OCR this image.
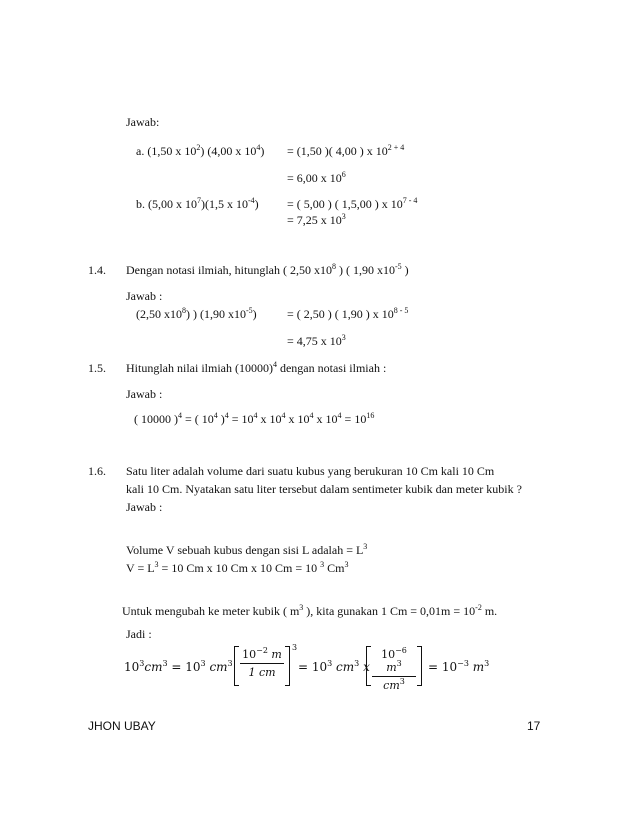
Jawab:
a. (1,50 x $10^2$) (4,00 x $10^4) = (1,50$ )( 4,00 ) x $10^{2 + 4}$
= 6,00 x $10^6$
b. (5,00 x $10^7)(1,5$ x $10^{-4}$) = ( 5,00 ) ( 1,5,00 ) x $10^{7 - 4}$
= 7,25 x $10^3$
1.4. Dengan notasi ilmiah, hitunglah ( 2,50 $x10^8$ ) ( 1,90 $x10^{-5}$ )
Jawab :
(2,50 $x10^8$) ) (1,90 $x10^{-5}$)	= ( 2,50 ) ( 1,90 ) x $10^{8 - 5}$
= 4,75 x $10^3$
1.5. Hitunglah nilai ilmiah $(10000)^4$ dengan notasi ilmiah :
Jawab :
( 10000 )$^4$ = ( $10^4$ )$^4 = 10^4$ x $10^4$ x $10^4$ x $10^4 = 10^{16}$
1.6. Satu liter adalah volume dari suatu kubus yang berukuran 10 Cm kali 10 Cm
kali 10 Cm. Nyatakan satu liter tersebut dalam sentimeter kubik dan meter kubik ?
Jawab :
Volume V sebuah kubus dengan sisi L adalah = $L^3$
$V = L^3 = 10$ Cm x 10 Cm x 10 Cm = 10 $^3$ Cm$^3$
Untuk mengubah ke meter kubik ( $m^3$ ), kita gunakan 1 $Cm = 0,01m = 10^{-2}$ m.
Jadi :
$10^3cm^3 = 10^3$ $cm^3$
$10^{-2}$ m
1 cm
3
= $10^3$ $cm^3$ x
$10^{-6}$ $m^3$
$cm^3$
= $10^{-3}$ $m^3$
JHON UBAY	17
